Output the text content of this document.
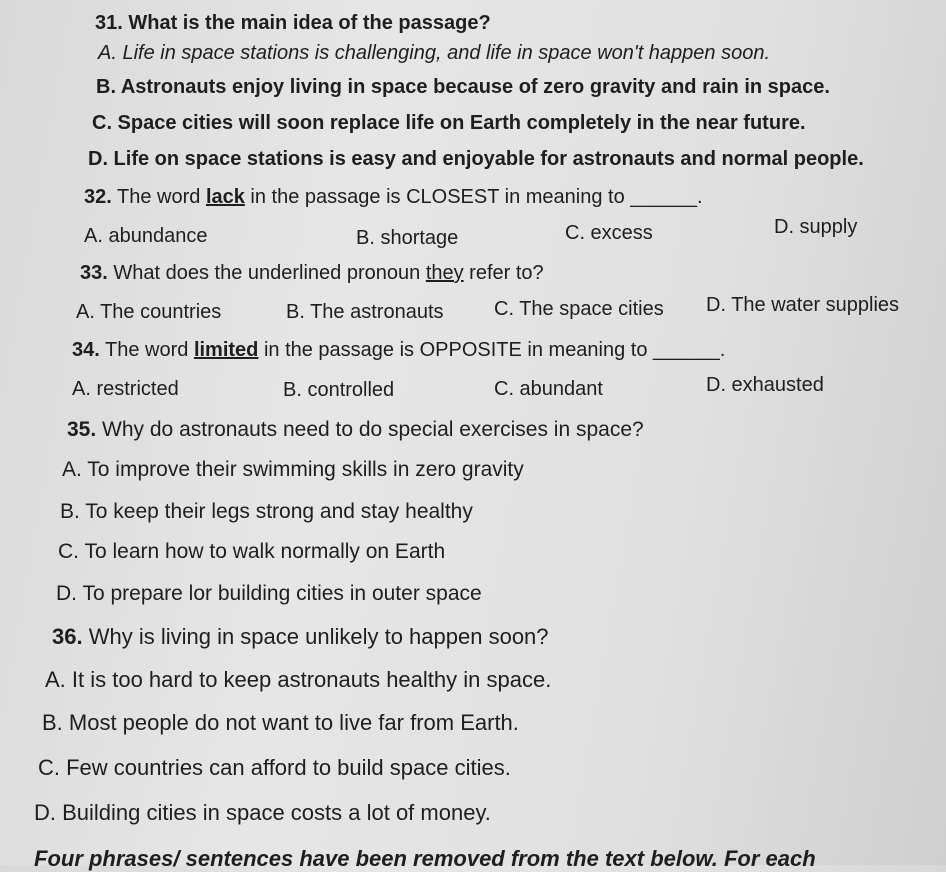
31. What is the main idea of the passage?
A. Life in space stations is challenging, and life in space won't happen soon.
B. Astronauts enjoy living in space because of zero gravity and rain in space.
C. Space cities will soon replace life on Earth completely in the near future.
D. Life on space stations is easy and enjoyable for astronauts and normal people.
32. The word lack in the passage is CLOSEST in meaning to ______.
A. abundance	B. shortage	C. excess	D. supply
33. What does the underlined pronoun they refer to?
A. The countries	B. The astronauts	C. The space cities D. The water supplies
34. The word limited in the passage is OPPOSITE in meaning to ______.
A. restricted	B. controlled	C. abundant	D. exhausted
35. Why do astronauts need to do special exercises in space?
A. To improve their swimming skills in zero gravity
B. To keep their legs strong and stay healthy
C. To learn how to walk normally on Earth
D. To prepare lor building cities in outer space
36. Why is living in space unlikely to happen soon?
A. It is too hard to keep astronauts healthy in space.
B. Most people do not want to live far from Earth.
C. Few countries can afford to build space cities.
D. Building cities in space costs a lot of money.
Four phrases/ sentences have been removed from the text below. For each
